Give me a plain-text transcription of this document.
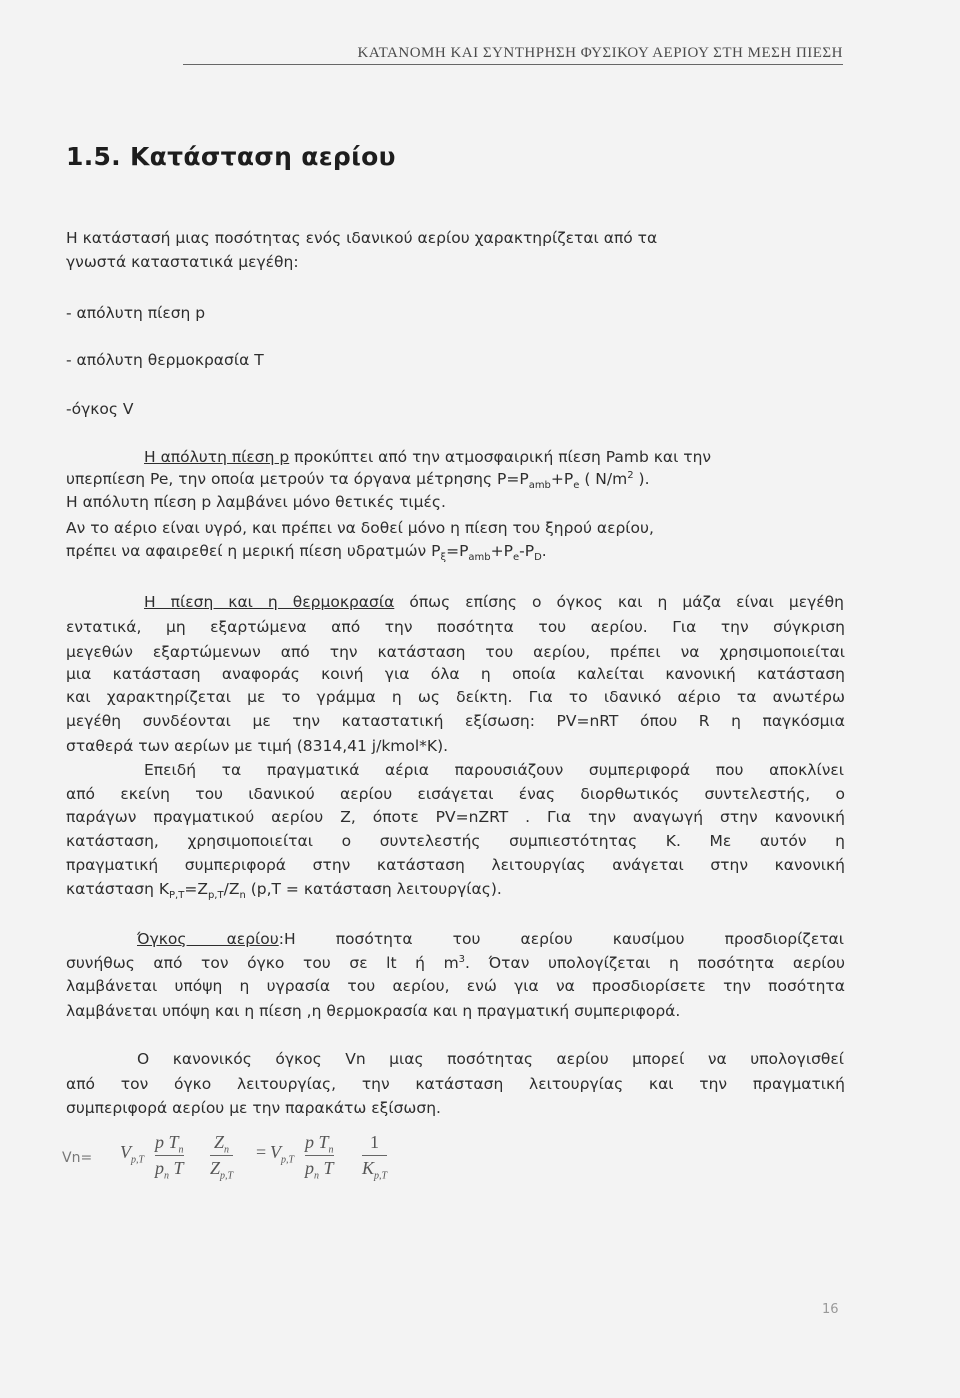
ΚΑΤΑΝΟΜΗ ΚΑΙ ΣΥΝΤΗΡΗΣΗ ΦΥΣΙΚΟΥ ΑΕΡΙΟΥ ΣΤΗ ΜΕΣΗ ΠΙΕΣΗ
1.5. Κατάσταση αερίου
Η κατάστασή μιας ποσότητας ενός ιδανικού αερίου χαρακτηρίζεται από τα
γνωστά καταστατικά μεγέθη:
- απόλυτη πίεση p
- απόλυτη θερμοκρασία T
-όγκος V
Η απόλυτη πίεση p προκύπτει από την ατμοσφαιρική πίεση Pamb και την
υπερπίεση Pe, την οποία μετρούν τα όργανα μέτρησης $P=P_{amb}+P_e$ ( $N/m^2$ ).
Η απόλυτη πίεση p λαμβάνει μόνο θετικές τιμές.
Αν το αέριο είναι υγρό, και πρέπει να δοθεί μόνο η πίεση του ξηρού αερίου,
πρέπει να αφαιρεθεί η μερική πίεση υδρατμών $P_\xi=P_{amb}+P_e-P_D$.
Η πίεση και η θερμοκρασία όπως επίσης ο όγκος και η μάζα είναι μεγέθη
εντατικά, μη εξαρτώμενα από την ποσότητα του αερίου. Για την σύγκριση
μεγεθών εξαρτώμενων από την κατάσταση του αερίου, πρέπει να χρησιμοποιείται
μια κατάσταση αναφοράς κοινή για όλα η οποία καλείται κανονική κατάσταση
και χαρακτηρίζεται με το γράμμα η ως δείκτη. Για το ιδανικό αέριο τα ανωτέρω
μεγέθη συνδέονται με την καταστατική εξίσωση: PV=nRT όπου R η παγκόσμια
σταθερά των αερίων με τιμή (8314,41 j/kmol*K).
Επειδή τα πραγματικά αέρια παρουσιάζουν συμπεριφορά που αποκλίνει
από εκείνη του ιδανικού αερίου εισάγεται ένας διορθωτικός συντελεστής, ο
παράγων πραγματικού αερίου Z, όποτε PV=nZRT . Για την αναγωγή στην κανονική
κατάσταση, χρησιμοποιείται ο συντελεστής συμπιεστότητας K. Με αυτόν η
πραγματική συμπεριφορά στην κατάσταση λειτουργίας ανάγεται στην κανονική
κατάσταση $K_{P,T}=Z_{p,T}/Z_n$ (p,T = κατάσταση λειτουργίας).
Όγκος αερίου:Η ποσότητα του αερίου καυσίμου προσδιορίζεται
συνήθως από τον όγκο του σε lt ή $m^3$. Όταν υπολογίζεται η ποσότητα αερίου
λαμβάνεται υπόψη η υγρασία του αερίου, ενώ για να προσδιορίσετε την ποσότητα
λαμβάνεται υπόψη και η πίεση ,η θερμοκρασία και η πραγματική συμπεριφορά.
Ο κανονικός όγκος Vn μιας ποσότητας αερίου μπορεί να υπολογισθεί
από τον όγκο λειτουργίας, την κατάσταση λειτουργίας και την πραγματική
συμπεριφορά αερίου με την παρακάτω εξίσωση.
$Vn= V_{p,T}$
p $T_n$
$p_n$ T
$Z_n$
$Z_{p,T}$
= $V_{p,T}$
p $T_n$
$p_n$ T
1
$K_{p,T}$
16
